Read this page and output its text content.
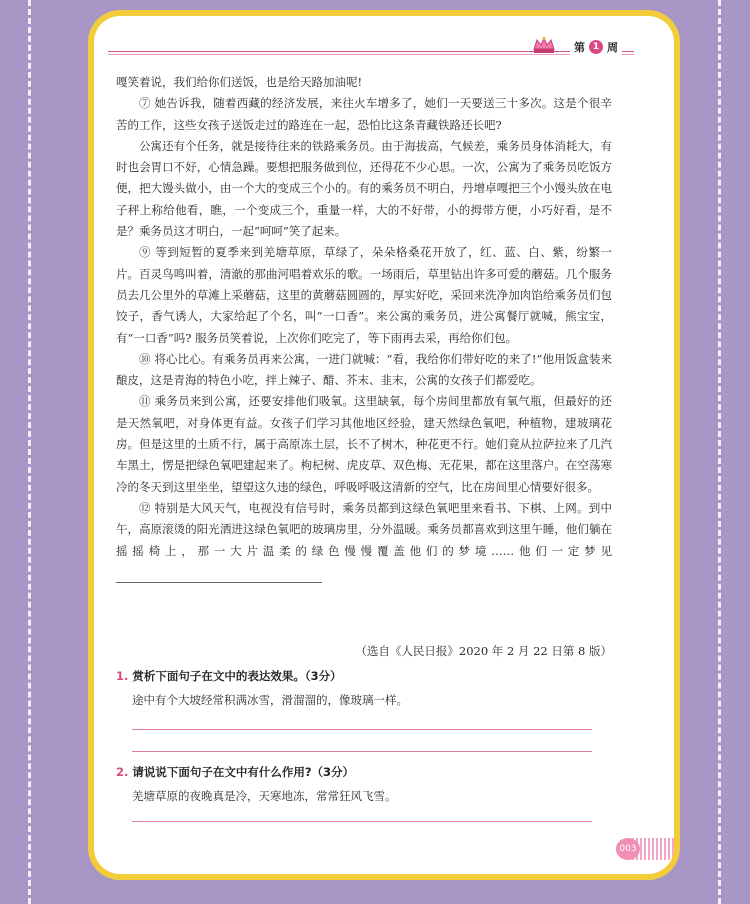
第 1 周

嘎笑着说，我们给你们送饭，也是给天路加油呢!

⑦ 她告诉我，随着西藏的经济发展，来往火车增多了，她们一天要送三十多次。这是个很辛苦的工作，这些女孩子送饭走过的路连在一起，恐怕比这条青藏铁路还长吧?

公寓还有个任务，就是接待往来的铁路乘务员。由于海拔高，气候差，乘务员身体消耗大，有时也会胃口不好，心情急躁。要想把服务做到位，还得花不少心思。一次，公寓为了乘务员吃饭方便，把大馒头做小，由一个大的变成三个小的。有的乘务员不明白，丹增卓嘎把三个小馒头放在电子秤上称给他看，瞧，一个变成三个，重量一样，大的不好带，小的拇带方便，小巧好看，是不是？乘务员这才明白，一起“呵呵”笑了起来。

⑨ 等到短暂的夏季来到羌塘草原，草绿了，朵朵格桑花开放了，红、蓝、白、紫，纷繁一片。百灵鸟鸣叫着，清澈的那曲河唱着欢乐的歌。一场雨后，草里钻出许多可爱的蘑菇。几个服务员去几公里外的草滩上采蘑菇，这里的黄蘑菇圆圆的，厚实好吃，采回来洗净加肉馅给乘务员们包饺子，香气诱人，大家给起了个名，叫“一口香”。来公寓的乘务员，进公寓餐厅就喊，熊宝宝，有“一口香”吗? 服务员笑着说，上次你们吃完了，等下雨再去采，再给你们包。

⑩ 将心比心。有乘务员再来公寓，一进门就喊：“看，我给你们带好吃的来了!”他用饭盒装来酿皮，这是青海的特色小吃，拌上辣子、醋、芥末、韭末，公寓的女孩子们都爱吃。

⑪ 乘务员来到公寓，还要安排他们吸氧。这里缺氧，每个房间里都放有氧气瓶，但最好的还是天然氧吧，对身体更有益。女孩子们学习其他地区经验，建天然绿色氧吧，种植物，建玻璃花房。但是这里的土质不行，属于高原冻土层，长不了树木，种花更不行。她们竟从拉萨拉来了几汽车黑土，愣是把绿色氧吧建起来了。枸杞树、虎皮草、双色梅、无花果，都在这里落户。在空荡寒冷的冬天到这里坐坐，望望这久违的绿色，呼吸呼吸这清新的空气，比在房间里心情要好很多。

⑫ 特别是大风天气，电视没有信号时，乘务员都到这绿色氧吧里来看书、下棋、上网。到中午，高原滚烫的阳光洒进这绿色氧吧的玻璃房里，分外温暖。乘务员都喜欢到这里午睡，他们躺在摇摇椅上，那一大片温柔的绿色慢慢覆盖他们的梦境……他们一定梦见

（选自《人民日报》2020 年 2 月 22 日第 8 版）
1. 赏析下面句子在文中的表达效果。（3分）
途中有个大坡经常积满冰雪，滑溜溜的，像玻璃一样。
2. 请说说下面句子在文中有什么作用?（3分）
羌塘草原的夜晚真是冷，天寒地冻，常常狂风飞雪。
003
